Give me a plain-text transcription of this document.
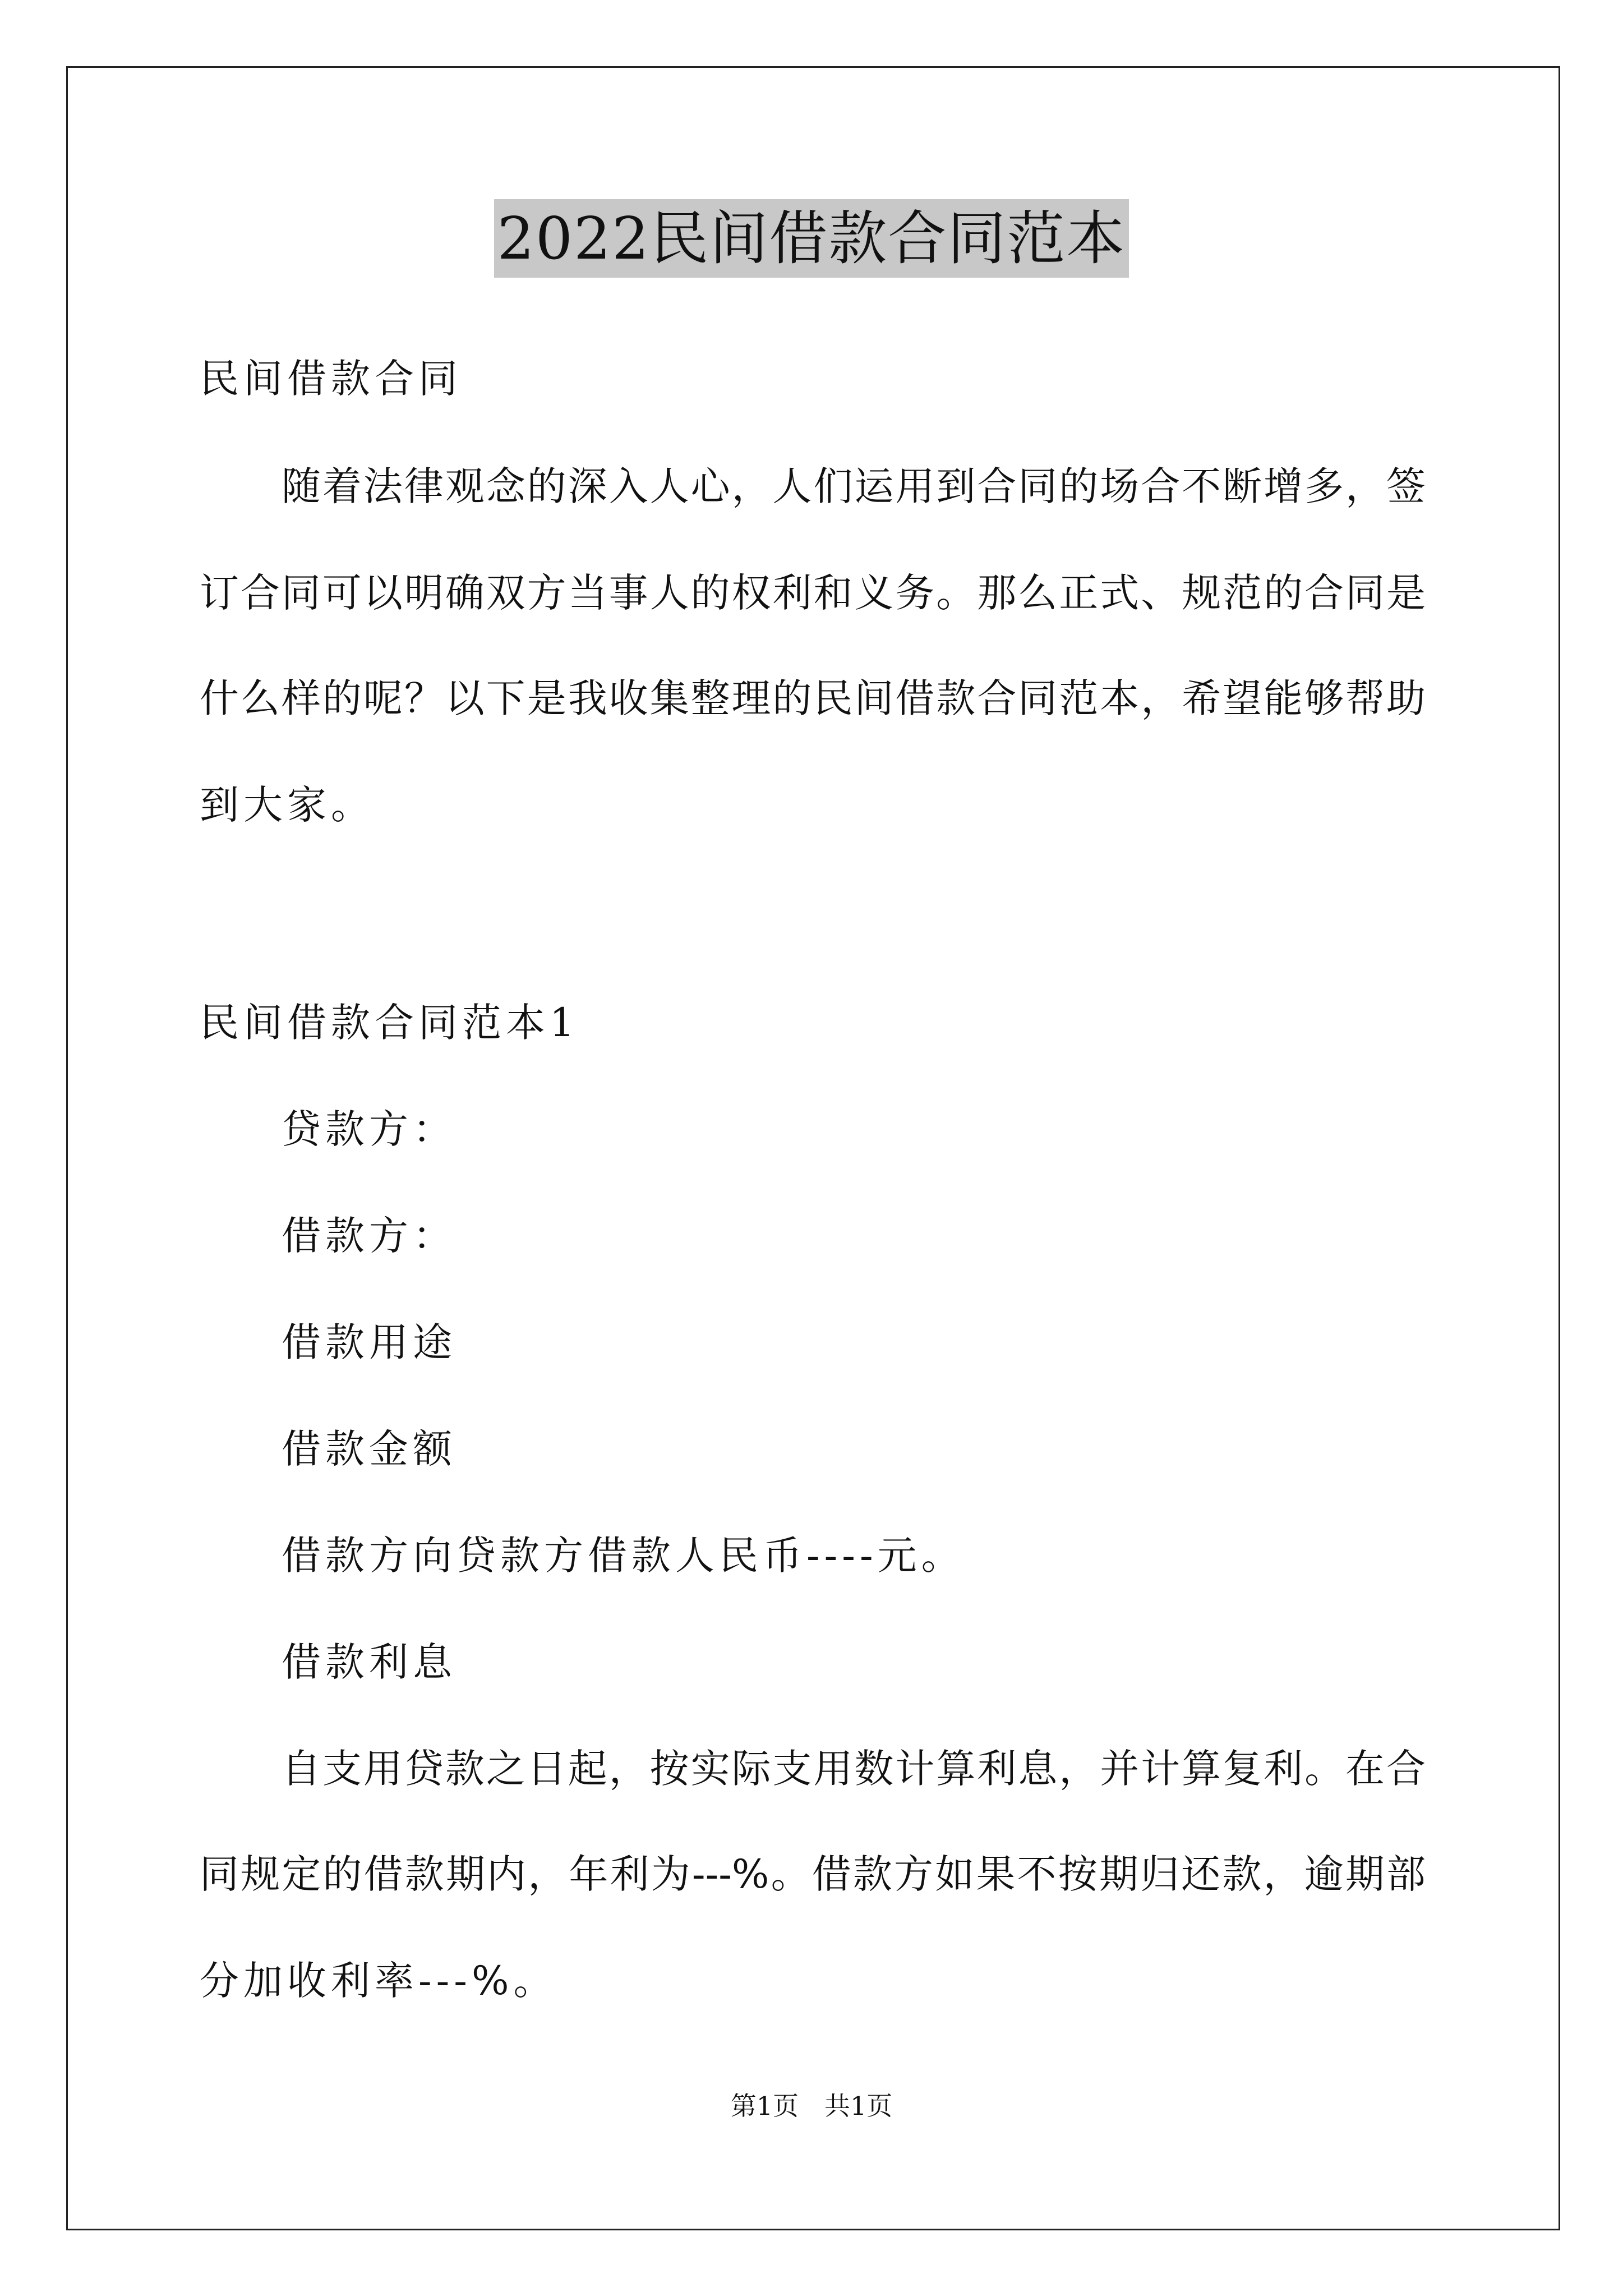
2022民间借款合同范本
民间借款合同
随着法律观念的深入人心，人们运用到合同的场合不断增多，签
订合同可以明确双方当事人的权利和义务。那么正式、规范的合同是
什么样的呢？以下是我收集整理的民间借款合同范本，希望能够帮助
到大家。
民间借款合同范本1
贷款方：
借款方：
借款用途
借款金额
借款方向贷款方借款人民币----元。
借款利息
自支用贷款之日起，按实际支用数计算利息，并计算复利。在合
同规定的借款期内，年利为---%。借款方如果不按期归还款，逾期部
分加收利率---%。
第1页　共1页
